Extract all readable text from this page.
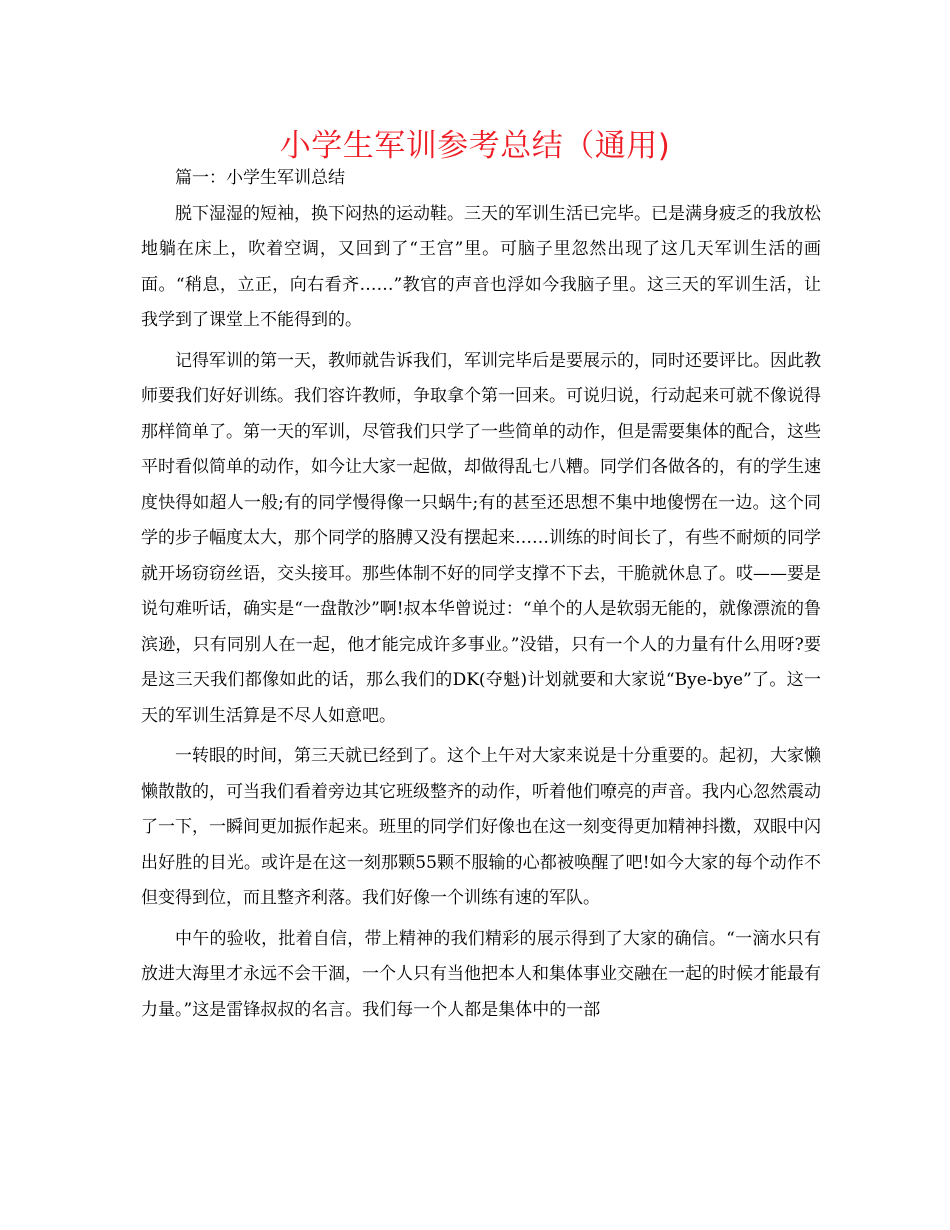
小学生军训参考总结（通用)

篇一：小学生军训总结

脱下湿湿的短袖，换下闷热的运动鞋。三天的军训生活已完毕。已是满身疲乏的我放松地躺在床上，吹着空调，又回到了“王宫”里。可脑子里忽然出现了这几天军训生活的画面。“稍息，立正，向右看齐……”教官的声音也浮如今我脑子里。这三天的军训生活，让我学到了课堂上不能得到的。

记得军训的第一天，教师就告诉我们，军训完毕后是要展示的，同时还要评比。因此教师要我们好好训练。我们容许教师，争取拿个第一回来。可说归说，行动起来可就不像说得那样简单了。第一天的军训，尽管我们只学了一些简单的动作，但是需要集体的配合，这些平时看似简单的动作，如今让大家一起做，却做得乱七八糟。同学们各做各的，有的学生速度快得如超人一般;有的同学慢得像一只蜗牛;有的甚至还思想不集中地傻愣在一边。这个同学的步子幅度太大，那个同学的胳膊又没有摆起来……训练的时间长了，有些不耐烦的同学就开场窃窃丝语，交头接耳。那些体制不好的同学支撑不下去，干脆就休息了。哎——要是说句难听话，确实是“一盘散沙”啊!叔本华曾说过：“单个的人是软弱无能的，就像漂流的鲁滨逊，只有同别人在一起，他才能完成许多事业。”没错，只有一个人的力量有什么用呀?要是这三天我们都像如此的话，那么我们的DK(夺魁)计划就要和大家说“Bye-bye”了。这一天的军训生活算是不尽人如意吧。

一转眼的时间，第三天就已经到了。这个上午对大家来说是十分重要的。起初，大家懒懒散散的，可当我们看着旁边其它班级整齐的动作，听着他们嘹亮的声音。我内心忽然震动了一下，一瞬间更加振作起来。班里的同学们好像也在这一刻变得更加精神抖擞，双眼中闪出好胜的目光。或许是在这一刻那颗55颗不服输的心都被唤醒了吧!如今大家的每个动作不但变得到位，而且整齐利落。我们好像一个训练有速的军队。

中午的验收，批着自信，带上精神的我们精彩的展示得到了大家的确信。“一滴水只有放进大海里才永远不会干涸，一个人只有当他把本人和集体事业交融在一起的时候才能最有力量。”这是雷锋叔叔的名言。我们每一个人都是集体中的一部
